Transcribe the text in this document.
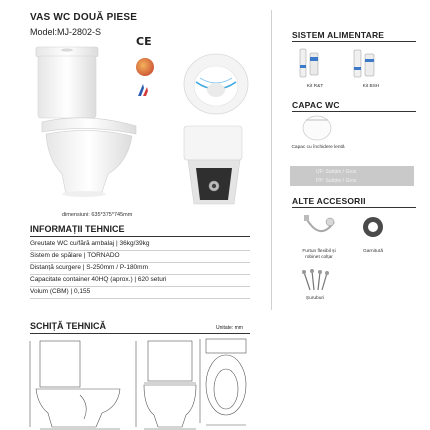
VAS WC DOUĂ PIESE
Model:MJ-2802-S
CE
dimensiuni: 635*375*745mm
SISTEM ALIMENTARE
Kit R&T	Kit BSH
CAPAC WC
Capac cu închidere lentă
UF: Subțire / Gros
PP: Subțire / Gros
ALTE ACCESORII
Furtun flexibil și robinet colțar
Garnitură
Șuruburi
INFORMAȚII TEHNICE
Greutate WC cu/fără ambalaj | 36kg/39kg
Sistem de spălare | TORNADO
Distanță scurgere | S-250mm / P-180mm
Capacitate container 40HQ (aprox.) | 620 seturi
Volum (CBM) | 0,155
SCHIȚĂ TEHNICĂ	Unitate: mm
